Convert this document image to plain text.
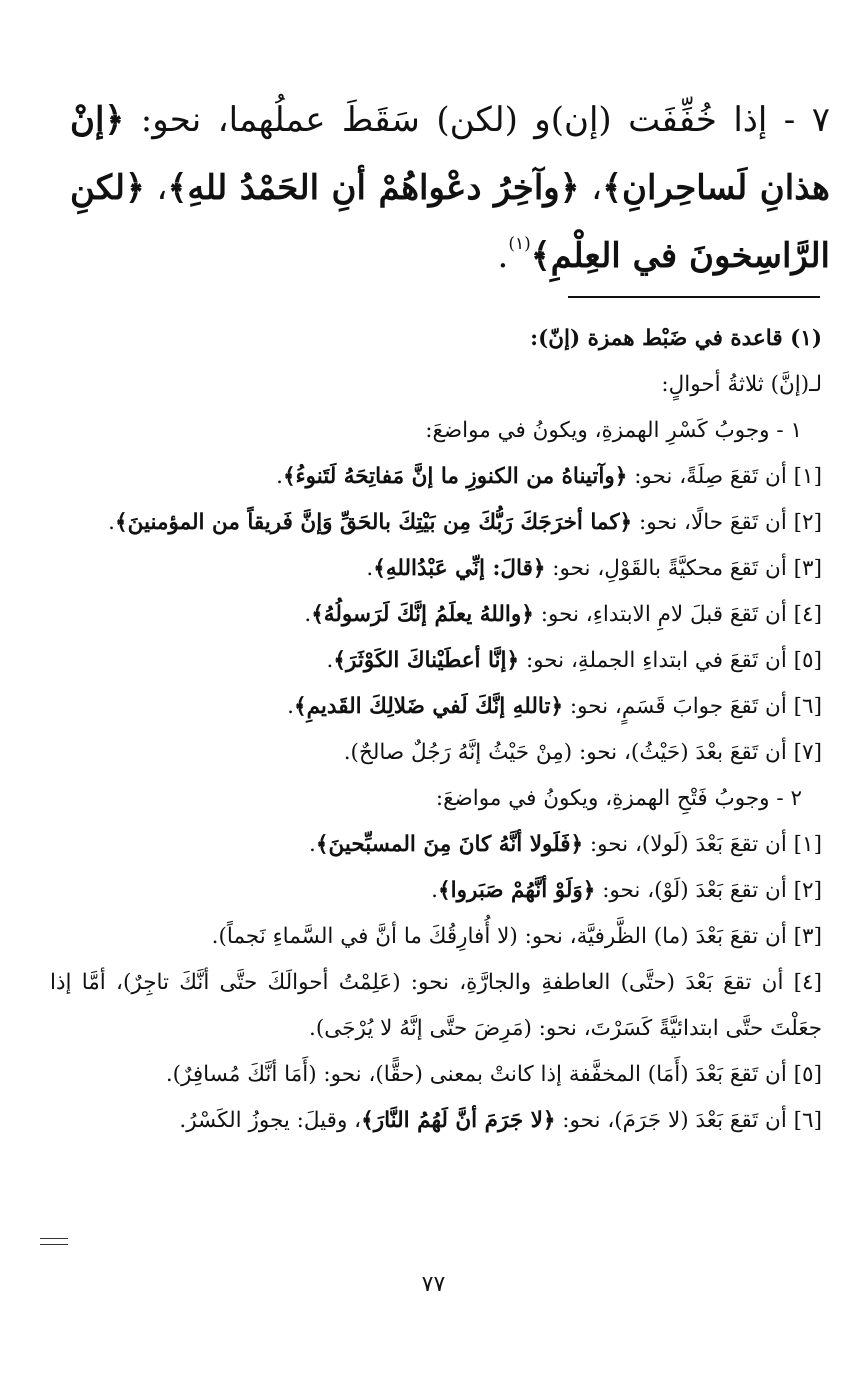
٧ - إذا خُفِّفَت (إن)و (لكن) سَقَطَ عملُهما، نحو: ﴿إنْ هذانِ لَساحِرانِ﴾، ﴿وآخِرُ دعْواهُمْ أنِ الحَمْدُ للهِ﴾، ﴿لكنِ الرَّاسِخونَ في العِلْمِ﴾$^{(١)}$.

(١) قاعدة في ضَبْط همزة (إنّ):

لـ(إنَّ) ثلاثةُ أحوالٍ:

١ - وجوبُ كَسْرِ الهمزةِ، ويكونُ في مواضعَ:

[١] أن تَقعَ صِلَةً، نحو: ﴿وآتيناهُ من الكنوزِ ما إنَّ مَفاتِحَهُ لَتَنوءُ﴾.

[٢] أن تَقعَ حالًا، نحو: ﴿كما أخرَجَكَ رَبُّكَ مِن بَيْتِكَ بالحَقِّ وَإنَّ فَريقاً من المؤمنينَ﴾.

[٣] أن تَقعَ محكيَّةً بالقَوْلِ، نحو: ﴿قالَ: إنِّي عَبْدُاللهِ﴾.

[٤] أن تَقعَ قبلَ لامِ الابتداءِ، نحو: ﴿واللهُ يعلَمُ إنَّكَ لَرَسولُهُ﴾.

[٥] أن تَقعَ في ابتداءِ الجملةِ، نحو: ﴿إنَّا أعطَيْناكَ الكَوْثَرَ﴾.

[٦] أن تَقعَ جوابَ قَسَمٍ، نحو: ﴿تاللهِ إنَّكَ لَفي ضَلالِكَ القَديمِ﴾.

[٧] أن تَقعَ بعْدَ (حَيْثُ)، نحو: (مِنْ حَيْثُ إنَّهُ رَجُلٌ صالحٌ).

٢ - وجوبُ فَتْحِ الهمزةِ، ويكونُ في مواضعَ:

[١] أن تقعَ بَعْدَ (لَولا)، نحو: ﴿فَلَولا أنَّهُ كانَ مِنَ المسبِّحينَ﴾.

[٢] أن تقعَ بَعْدَ (لَوْ)، نحو: ﴿وَلَوْ أنَّهُمْ صَبَروا﴾.

[٣] أن تقعَ بَعْدَ (ما) الظَّرفيَّة، نحو: (لا أُفارِقُكَ ما أنَّ في السَّماءِ نَجماً).

[٤] أن تقعَ بَعْدَ (حتَّى) العاطفةِ والجارَّةِ، نحو: (عَلِمْتُ أحوالَكَ حتَّى أنَّكَ تاجِرٌ)، أمَّا إذا جعَلْتَ حتَّى ابتدائيَّةً كَسَرْتَ، نحو: (مَرِضَ حتَّى إنَّهُ لا يُرْجَى).

[٥] أن تَقعَ بَعْدَ (أَمَا) المخفَّفة إذا كانتْ بمعنى (حقًّا)، نحو: (أَمَا أنَّكَ مُسافِرٌ).

[٦] أن تَقعَ بَعْدَ (لا جَرَمَ)، نحو: ﴿لا جَرَمَ أنَّ لَهُمُ النَّارَ﴾، وقيلَ: يجوزُ الكَسْرُ.

٧٧
